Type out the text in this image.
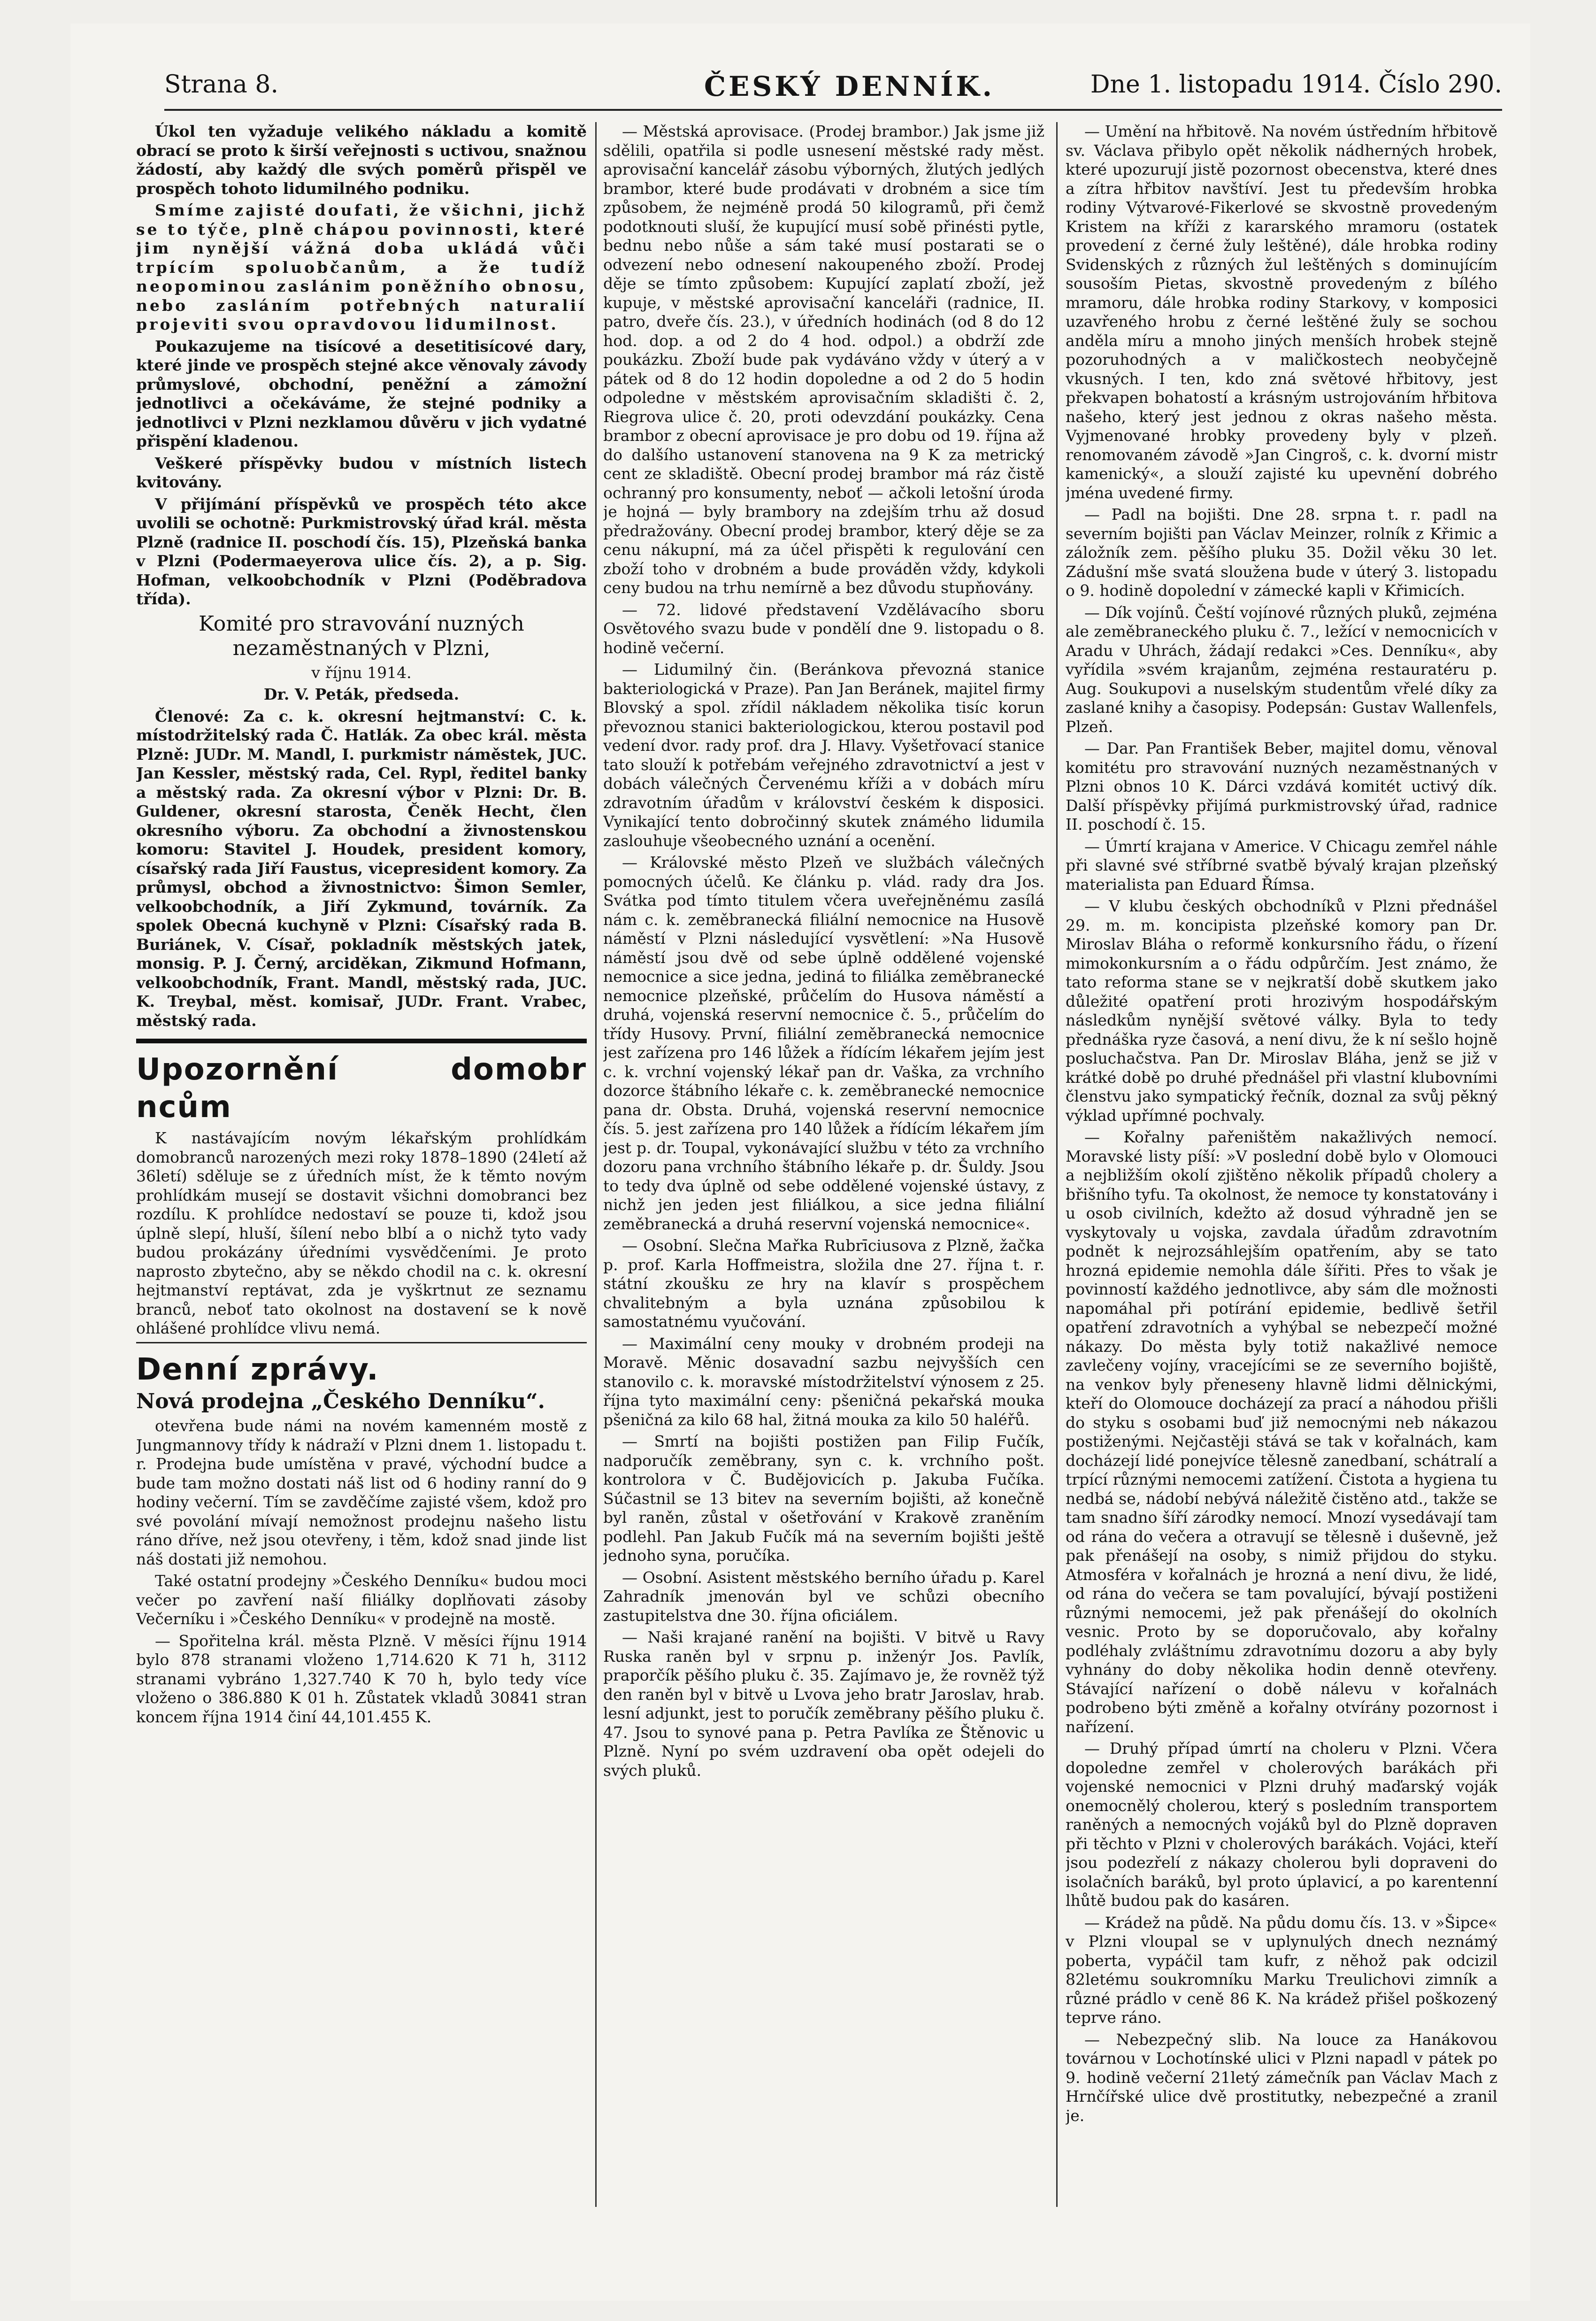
Strana 8.	ČESKÝ DENNÍK.	Dne 1. listopadu 1914. Číslo 290.

Úkol ten vyžaduje velikého nákladu a komitě obrací se proto k širší veřejnosti s uctivou, snažnou žádostí, aby každý dle svých poměrů přispěl ve prospěch tohoto lidumilného podniku.

Smíme zajisté doufati, že všichni, jichž se to týče, plně chápou povinnosti, které jim nynější vážná doba ukládá vůči trpícím spoluobčanům, a že tudíž neopominou zaslánim poněžního obnosu, nebo zasláním potřebných naturalií projeviti svou opravdovou lidumilnost.

Poukazujeme na tisícové a desetitisícové dary, které jinde ve prospěch stejné akce věnovaly závody průmyslové, obchodní, peněžní a zámožní jednotlivci a očekáváme, že stejné podniky a jednotlivci v Plzni nezklamou důvěru v jich vydatné přispění kladenou.

Veškeré příspěvky budou v místních listech kvitovány.

V přijímání příspěvků ve prospěch této akce uvolili se ochotně: Purkmistrovský úřad král. města Plzně (radnice II. poschodí čís. 15), Plzeňská banka v Plzni (Podermaeyerova ulice čís. 2), a p. Sig. Hofman, velkoobchodník v Plzni (Poděbradova třída).

Komité pro stravování nuzných nezaměstnaných v Plzni,

v říjnu 1914.

Dr. V. Peták, předseda.

Členové: Za c. k. okresní hejtmanství: C. k. místodržitelský rada Č. Hatlák. Za obec král. města Plzně: JUDr. M. Mandl, I. purkmistr náměstek, JUC. Jan Kessler, městský rada, Cel. Rypl, ředitel banky a městský rada. Za okresní výbor v Plzni: Dr. B. Guldener, okresní starosta, Čeněk Hecht, člen okresního výboru. Za obchodní a živnostenskou komoru: Stavitel J. Houdek, president komory, císařský rada Jiří Faustus, vicepresident komory. Za průmysl, obchod a živnostnictvo: Šimon Semler, velkoobchodník, a Jiří Zykmund, továrník. Za spolek Obecná kuchyně v Plzni: Císařský rada B. Buriánek, V. Císař, pokladník městských jatek, monsig. P. J. Černý, arciděkan, Zikmund Hofmann, velkoobchodník, Frant. Mandl, městský rada, JUC. K. Treybal, měst. komisař, JUDr. Frant. Vrabec, městský rada.

Upozornění domobr ncům

K nastávajícím novým lékařským prohlídkám domobranců narozených mezi roky 1878–1890 (24letí až 36letí) sděluje se z úředních míst, že k těmto novým prohlídkám musejí se dostavit všichni domobranci bez rozdílu. K prohlídce nedostaví se pouze ti, kdož jsou úplně slepí, hluší, šílení nebo blbí a o nichž tyto vady budou prokázány úředními vysvědčeními. Je proto naprosto zbytečno, aby se někdo chodil na c. k. okresní hejtmanství reptávat, zda je vyškrtnut ze seznamu branců, neboť tato okolnost na dostavení se k nově ohlášené prohlídce vlivu nemá.

Denní zprávy.

Nová prodejna „Českého Denníku“.

otevřena bude námi na novém kamenném mostě z Jungmannovy třídy k nádraží v Plzni dnem 1. listopadu t. r. Prodejna bude umístěna v pravé, východní budce a bude tam možno dostati náš list od 6 hodiny ranní do 9 hodiny večerní. Tím se zavděčíme zajisté všem, kdož pro své povolání mívají nemožnost prodejnu našeho listu ráno dříve, než jsou otevřeny, i těm, kdož snad jinde list náš dostati již nemohou.

Také ostatní prodejny »Českého Denníku« budou moci večer po zavření naší filiálky doplňovati zásoby Večerníku i »Českého Denníku« v prodejně na mostě.

— Spořitelna král. města Plzně. V měsíci říjnu 1914 bylo 878 stranami vloženo 1,714.620 K 71 h, 3112 stranami vybráno 1,327.740 K 70 h, bylo tedy více vloženo o 386.880 K 01 h. Zůstatek vkladů 30841 stran koncem října 1914 činí 44,101.455 K.

— Městská aprovisace. (Prodej brambor.) Jak jsme již sdělili, opatřila si podle usnesení městské rady měst. aprovisační kancelář zásobu výborných, žlutých jedlých brambor, které bude prodávati v drobném a sice tím způsobem, že nejméně prodá 50 kilogramů, při čemž podotknouti sluší, že kupující musí sobě přinésti pytle, bednu nebo nůše a sám také musí postarati se o odvezení nebo odnesení nakoupeného zboží. Prodej děje se tímto způsobem: Kupující zaplatí zboží, jež kupuje, v městské aprovisační kanceláři (radnice, II. patro, dveře čís. 23.), v úředních hodinách (od 8 do 12 hod. dop. a od 2 do 4 hod. odpol.) a obdrží zde poukázku. Zboží bude pak vydáváno vždy v úterý a v pátek od 8 do 12 hodin dopoledne a od 2 do 5 hodin odpoledne v městském aprovisačním skladišti č. 2, Riegrova ulice č. 20, proti odevzdání poukázky. Cena brambor z obecní aprovisace je pro dobu od 19. října až do dalšího ustanovení stanovena na 9 K za metrický cent ze skladiště. Obecní prodej brambor má ráz čistě ochranný pro konsumenty, neboť — ačkoli letošní úroda je hojná — byly brambory na zdejším trhu až dosud předražovány. Obecní prodej brambor, který děje se za cenu nákupní, má za účel přispěti k regulování cen zboží toho v drobném a bude prováděn vždy, kdykoli ceny budou na trhu nemírně a bez důvodu stupňovány.

— 72. lidové představení Vzdělávacího sboru Osvětového svazu bude v pondělí dne 9. listopadu o 8. hodině večerní.

— Lidumilný čin. (Beránkova převozná stanice bakteriologická v Praze). Pan Jan Beránek, majitel firmy Blovský a spol. zřídil nákladem několika tisíc korun převoznou stanici bakteriologickou, kterou postavil pod vedení dvor. rady prof. dra J. Hlavy. Vyšetřovací stanice tato slouží k potřebám veřejného zdravotnictví a jest v dobách válečných Červenému kříži a v dobách míru zdravotním úřadům v království českém k disposici. Vynikající tento dobročinný skutek známého lidumila zaslouhuje všeobecného uznání a ocenění.

— Královské město Plzeň ve službách válečných pomocných účelů. Ke článku p. vlád. rady dra Jos. Svátka pod tímto titulem včera uveřejněnému zasílá nám c. k. zeměbranecká filiální nemocnice na Husově náměstí v Plzni následující vysvětlení: »Na Husově náměstí jsou dvě od sebe úplně oddělené vojenské nemocnice a sice jedna, jediná to filiálka zeměbranecké nemocnice plzeňské, průčelím do Husova náměstí a druhá, vojenská reservní nemocnice č. 5., průčelím do třídy Husovy. První, filiální zeměbranecká nemocnice jest zařízena pro 146 lůžek a řídícím lékařem jejím jest c. k. vrchní vojenský lékař pan dr. Vaška, za vrchního dozorce štábního lékaře c. k. zeměbranecké nemocnice pana dr. Obsta. Druhá, vojenská reservní nemocnice čís. 5. jest zařízena pro 140 lůžek a řídícím lékařem jím jest p. dr. Toupal, vykonávající službu v této za vrchního dozoru pana vrchního štábního lékaře p. dr. Šuldy. Jsou to tedy dva úplně od sebe oddělené vojenské ústavy, z nichž jen jeden jest filiálkou, a sice jedna filiální zeměbranecká a druhá reservní vojenská nemocnice«.

— Osobní. Slečna Mařka Rubrīciusova z Plzně, žačka p. prof. Karla Hoffmeistra, složila dne 27. října t. r. státní zkoušku ze hry na klavír s prospěchem chvalitebným a byla uznána způsobilou k samostatnému vyučování.

— Maximální ceny mouky v drobném prodeji na Moravě. Měnic dosavadní sazbu nejvyšších cen stanovilo c. k. moravské místodržitelství výnosem z 25. října tyto maximální ceny: pšeničná pekařská mouka pšeničná za kilo 68 hal, žitná mouka za kilo 50 haléřů.

— Smrtí na bojišti postižen pan Filip Fučík, nadporučík zeměbrany, syn c. k. vrchního pošt. kontrolora v Č. Budějovicích p. Jakuba Fučíka. Súčastnil se 13 bitev na severním bojišti, až konečně byl raněn, zůstal v ošetřování v Krakově zraněním podlehl. Pan Jakub Fučík má na severním bojišti ještě jednoho syna, poručíka.

— Osobní. Asistent městského berního úřadu p. Karel Zahradník jmenován byl ve schůzi obecního zastupitelstva dne 30. října oficiálem.

— Naši krajané ranění na bojišti. V bitvě u Ravy Ruska raněn byl v srpnu p. inženýr Jos. Pavlík, praporčík pěšího pluku č. 35. Zajímavo je, že rovněž týž den raněn byl v bitvě u Lvova jeho bratr Jaroslav, hrab. lesní adjunkt, jest to poručík zeměbrany pěšího pluku č. 47. Jsou to synové pana p. Petra Pavlíka ze Štěnovic u Plzně. Nyní po svém uzdravení oba opět odejeli do svých pluků.

— Umění na hřbitově. Na novém ústředním hřbitově sv. Václava přibylo opět několik nádherných hrobek, které upozurují jistě pozornost obecenstva, které dnes a zítra hřbitov navštíví. Jest tu především hrobka rodiny Výtvarové-Fikerlové se skvostně provedeným Kristem na kříži z kararského mramoru (ostatek provedení z černé žuly leštěné), dále hrobka rodiny Svidenských z různých žul leštěných s dominujícím sousoším Pietas, skvostně provedeným z bílého mramoru, dále hrobka rodiny Starkovy, v komposici uzavřeného hrobu z černé leštěné žuly se sochou anděla míru a mnoho jiných menších hrobek stejně pozoruhodných a v maličkostech neobyčejně vkusných. I ten, kdo zná světové hřbitovy, jest překvapen bohatostí a krásným ustrojováním hřbitova našeho, který jest jednou z okras našeho města. Vyjmenované hrobky provedeny byly v plzeň. renomovaném závodě »Jan Cingroš, c. k. dvorní mistr kamenický«, a slouží zajisté ku upevnění dobrého jména uvedené firmy.

— Padl na bojišti. Dne 28. srpna t. r. padl na severním bojišti pan Václav Meinzer, rolník z Křimic a záložník zem. pěšího pluku 35. Dožil věku 30 let. Zádušní mše svatá sloužena bude v úterý 3. listopadu o 9. hodině dopolední v zámecké kapli v Křimicích.

— Dík vojínů. Čeští vojínové různých pluků, zejména ale zeměbraneckého pluku č. 7., ležící v nemocnicích v Aradu v Uhrách, žádají redakci »Ces. Denníku«, aby vyřídila »svém krajanům, zejména restauratéru p. Aug. Soukupovi a nuselským studentům vřelé díky za zaslané knihy a časopisy. Podepsán: Gustav Wallenfels, Plzeň.

— Dar. Pan František Beber, majitel domu, věnoval komitétu pro stravování nuzných nezaměstnaných v Plzni obnos 10 K. Dárci vzdává komitét uctivý dík. Další příspěvky přijímá purkmistrovský úřad, radnice II. poschodí č. 15.

— Úmrtí krajana v Americe. V Chicagu zemřel náhle při slavné své stříbrné svatbě bývalý krajan plzeňský materialista pan Eduard Římsa.

— V klubu českých obchodníků v Plzni přednášel 29. m. m. koncipista plzeňské komory pan Dr. Miroslav Bláha o reformě konkursního řádu, o řízení mimokonkursním a o řádu odpůrčím. Jest známo, že tato reforma stane se v nejkratší době skutkem jako důležité opatření proti hrozivým hospodářským následkům nynější světové války. Byla to tedy přednáška ryze časová, a není divu, že k ní sešlo hojně posluchačstva. Pan Dr. Miroslav Bláha, jenž se již v krátké době po druhé přednášel při vlastní klubovními členstvu jako sympatický řečník, doznal za svůj pěkný výklad upřímné pochvaly.

— Kořalny pařeništěm nakažlivých nemocí. Moravské listy píší: »V poslední době bylo v Olomouci a nejbližším okolí zjištěno několik případů cholery a břišního tyfu. Ta okolnost, že nemoce ty konstatovány i u osob civilních, kdežto až dosud výhradně jen se vyskytovaly u vojska, zavdala úřadům zdravotním podnět k nejrozsáhlejším opatřením, aby se tato hrozná epidemie nemohla dále šířiti. Přes to však je povinností každého jednotlivce, aby sám dle možnosti napomáhal při potírání epidemie, bedlivě šetřil opatření zdravotních a vyhýbal se nebezpečí možné nákazy. Do města byly totiž nakažlivé nemoce zavlečeny vojíny, vracejícími se ze severního bojiště, na venkov byly přeneseny hlavně lidmi dělnickými, kteří do Olomouce docházejí za prací a náhodou přišli do styku s osobami buď již nemocnými neb nákazou postiženými. Nejčastěji stává se tak v kořalnách, kam docházejí lidé ponejvíce tělesně zanedbaní, schátralí a trpící různými nemocemi zatížení. Čistota a hygiena tu nedbá se, nádobí nebývá náležitě čistěno atd., takže se tam snadno šíří zárodky nemocí. Mnozí vysedávají tam od rána do večera a otravují se tělesně i duševně, jež pak přenášejí na osoby, s nimiž přijdou do styku. Atmosféra v kořalnách je hrozná a není divu, že lidé, od rána do večera se tam povalující, bývají postiženi různými nemocemi, jež pak přenášejí do okolních vesnic. Proto by se doporučovalo, aby kořalny podléhaly zvláštnímu zdravotnímu dozoru a aby byly vyhnány do doby několika hodin denně otevřeny. Stávající nařízení o době nálevu v kořalnách podrobeno býti změně a kořalny otvírány pozornost i nařízení.

— Druhý případ úmrtí na choleru v Plzni. Včera dopoledne zemřel v cholerových barákách při vojenské nemocnici v Plzni druhý maďarský voják onemocnělý cholerou, který s posledním transportem raněných a nemocných vojáků byl do Plzně dopraven při těchto v Plzni v cholerových barákách. Vojáci, kteří jsou podezřelí z nákazy cholerou byli dopraveni do isolačních baráků, byl proto úplavicí, a po karentenní lhůtě budou pak do kasáren.

— Krádež na půdě. Na půdu domu čís. 13. v »Šipce« v Plzni vloupal se v uplynulých dnech neznámý poberta, vypáčil tam kufr, z něhož pak odcizil 82letému soukromníku Marku Treulichovi zimník a různé prádlo v ceně 86 K. Na krádež přišel poškozený teprve ráno.

— Nebezpečný slib. Na louce za Hanákovou továrnou v Lochotínské ulici v Plzni napadl v pátek po 9. hodině večerní 21letý zámečník pan Václav Mach z Hrnčířské ulice dvě prostitutky, nebezpečné a zranil je.
